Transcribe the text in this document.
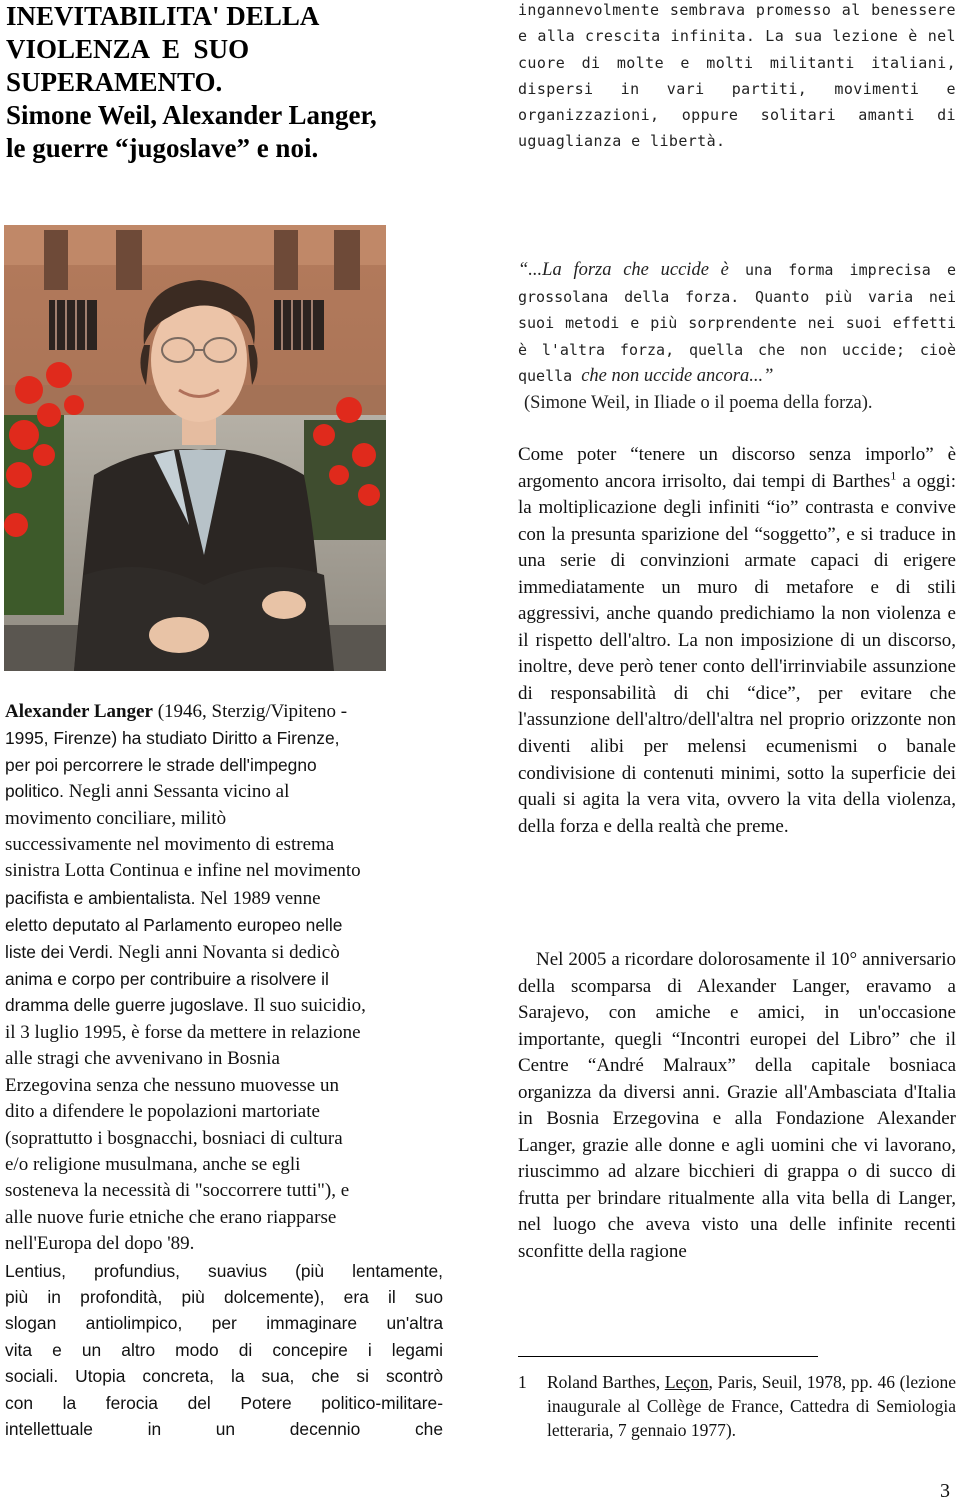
INEVITABILITA' DELLA
VIOLENZA  E  SUO
SUPERAMENTO.
Simone Weil, Alexander Langer,
le guerre “jugoslave” e noi.
ingannevolmente sembrava promesso al benessere e alla crescita infinita. La sua lezione è nel cuore di molte e molti militanti italiani, dispersi in vari partiti, movimenti e organizzazioni, oppure solitari amanti di uguaglianza e libertà.
Alexander Langer (1946, Sterzig/Vipiteno -
1995, Firenze) ha studiato Diritto a Firenze,
per poi percorrere le strade dell'impegno
politico. Negli anni Sessanta vicino al
movimento conciliare, militò
successivamente nel movimento di estrema
sinistra Lotta Continua e infine nel movimento
pacifista e ambientalista. Nel 1989 venne
eletto deputato al Parlamento europeo nelle
liste dei Verdi. Negli anni Novanta si dedicò
anima e corpo per contribuire a risolvere il
dramma delle guerre jugoslave. Il suo suicidio,
il 3 luglio 1995, è forse da mettere in relazione
alle stragi che avvenivano in Bosnia
Erzegovina senza che nessuno muovesse un
dito a difendere le popolazioni martoriate
(soprattutto i bosgnacchi, bosniaci di cultura
e/o religione musulmana, anche se egli
sosteneva la necessità di "soccorrere tutti"), e
alle nuove furie etniche che erano riapparse
nell'Europa del dopo '89.
Lentius, profundius, suavius (più lentamente,
più in profondità, più dolcemente), era il suo
slogan antiolimpico, per immaginare un'altra
vita e un altro modo di concepire i legami
sociali. Utopia concreta, la sua, che si scontrò
con la ferocia del Potere politico-militare-
intellettuale in un decennio che
“...La forza che uccide è una forma imprecisa e grossolana della forza. Quanto più varia nei suoi metodi e più sorprendente nei suoi effetti è l'altra forza, quella che non uccide; cioè quella che non uccide ancora...”
(Simone Weil, in Iliade o il poema della forza).
Come poter “tenere un discorso senza imporlo” è argomento ancora irrisolto, dai tempi di Barthes$^1$ a oggi: la moltiplicazione degli infiniti “io” contrasta e convive con la presunta sparizione del “soggetto”, e si traduce in una serie di convinzioni armate capaci di erigere immediatamente un muro di metafore e di stili aggressivi, anche quando predichiamo la non violenza e il rispetto dell'altro. La non imposizione di un discorso, inoltre, deve però tener conto dell'irrinviabile assunzione di responsabilità di chi “dice”, per evitare che l'assunzione dell'altro/dell'altra nel proprio orizzonte non diventi alibi per melensi ecumenismi o banale condivisione di contenuti minimi, sotto la superficie dei quali si agita la vera vita, ovvero la vita della violenza, della forza e della realtà che preme.
Nel 2005 a ricordare dolorosamente il 10° anniversario della scomparsa di Alexander Langer, eravamo a Sarajevo, con amiche e amici, in un'occasione importante, quegli “Incontri europei del Libro” che il Centre “André Malraux” della capitale bosniaca organizza da diversi anni. Grazie all'Ambasciata d'Italia in Bosnia Erzegovina e alla Fondazione Alexander Langer, grazie alle donne e agli uomini che vi lavorano, riuscimmo ad alzare bicchieri di grappa o di succo di frutta per brindare ritualmente alla vita bella di Langer, nel luogo che aveva visto una delle infinite recenti sconfitte della ragione
1 Roland Barthes, Leçon, Paris, Seuil, 1978, pp. 46 (lezione inaugurale al Collège de France, Cattedra di Semiologia letteraria, 7 gennaio 1977).
3
